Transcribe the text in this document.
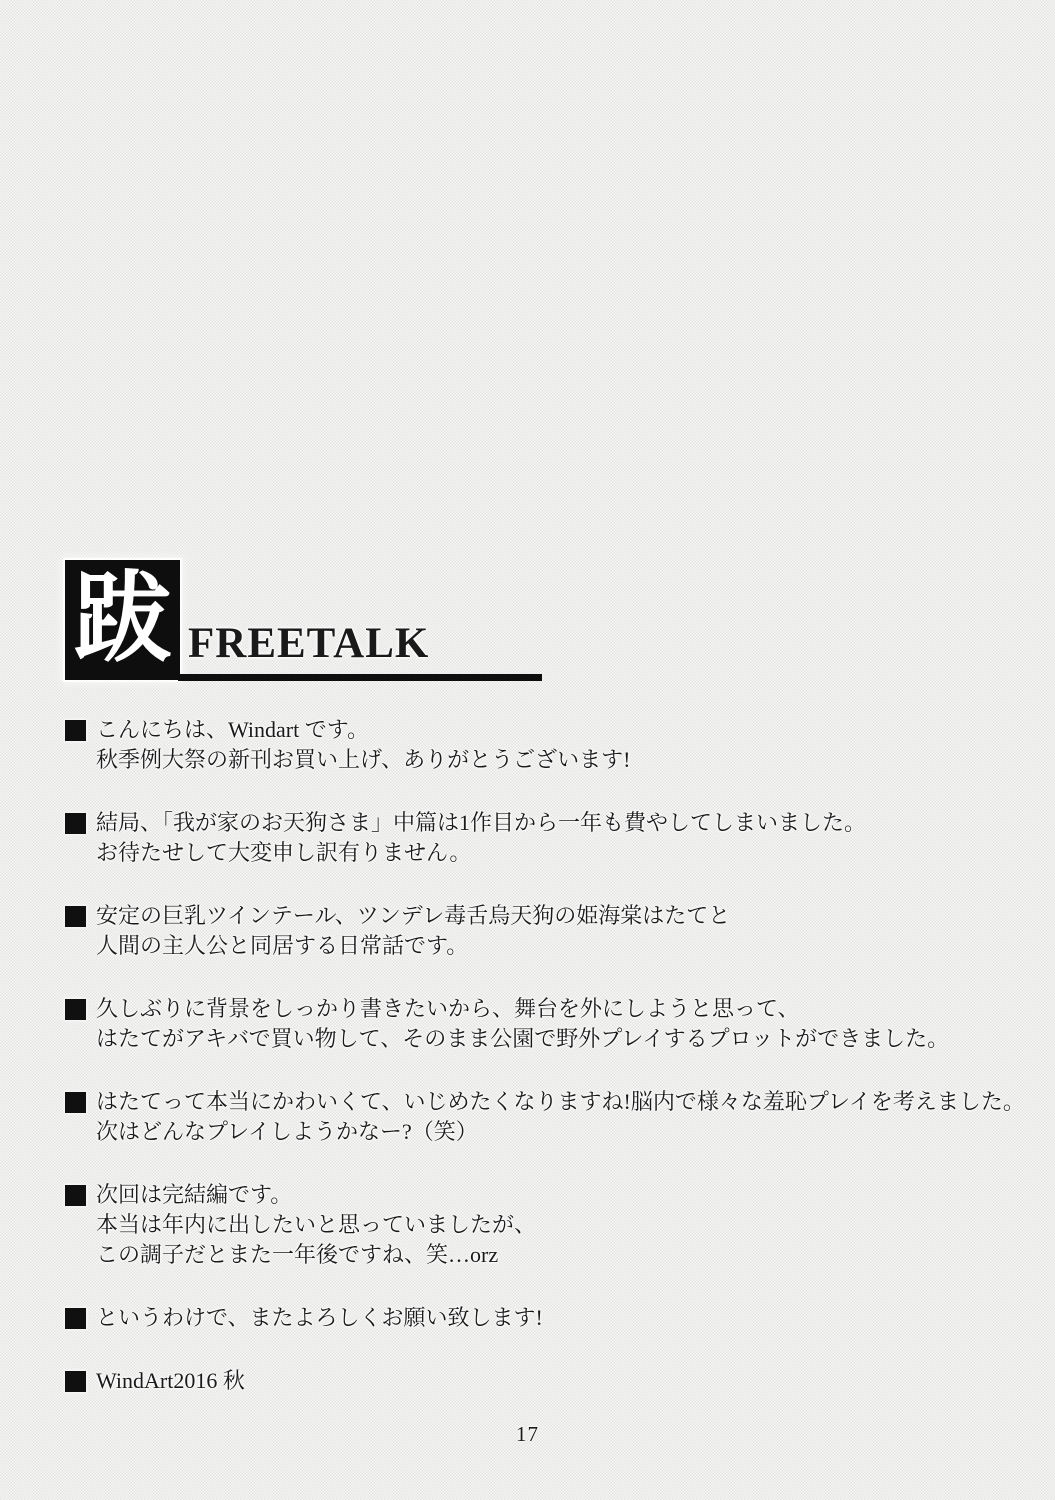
跋 FREETALK
こんにちは、Windart です。
秋季例大祭の新刊お買い上げ、ありがとうございます!
結局、「我が家のお天狗さま」中篇は1作目から一年も費やしてしまいました。
お待たせして大変申し訳有りません。
安定の巨乳ツインテール、ツンデレ毒舌烏天狗の姫海棠はたてと
人間の主人公と同居する日常話です。
久しぶりに背景をしっかり書きたいから、舞台を外にしようと思って、
はたてがアキバで買い物して、そのまま公園で野外プレイするプロットができました。
はたてって本当にかわいくて、いじめたくなりますね!脳内で様々な羞恥プレイを考えました。
次はどんなプレイしようかなー?（笑）
次回は完結編です。
本当は年内に出したいと思っていましたが、
この調子だとまた一年後ですね、笑…orz
というわけで、またよろしくお願い致します!
WindArt2016 秋
17
